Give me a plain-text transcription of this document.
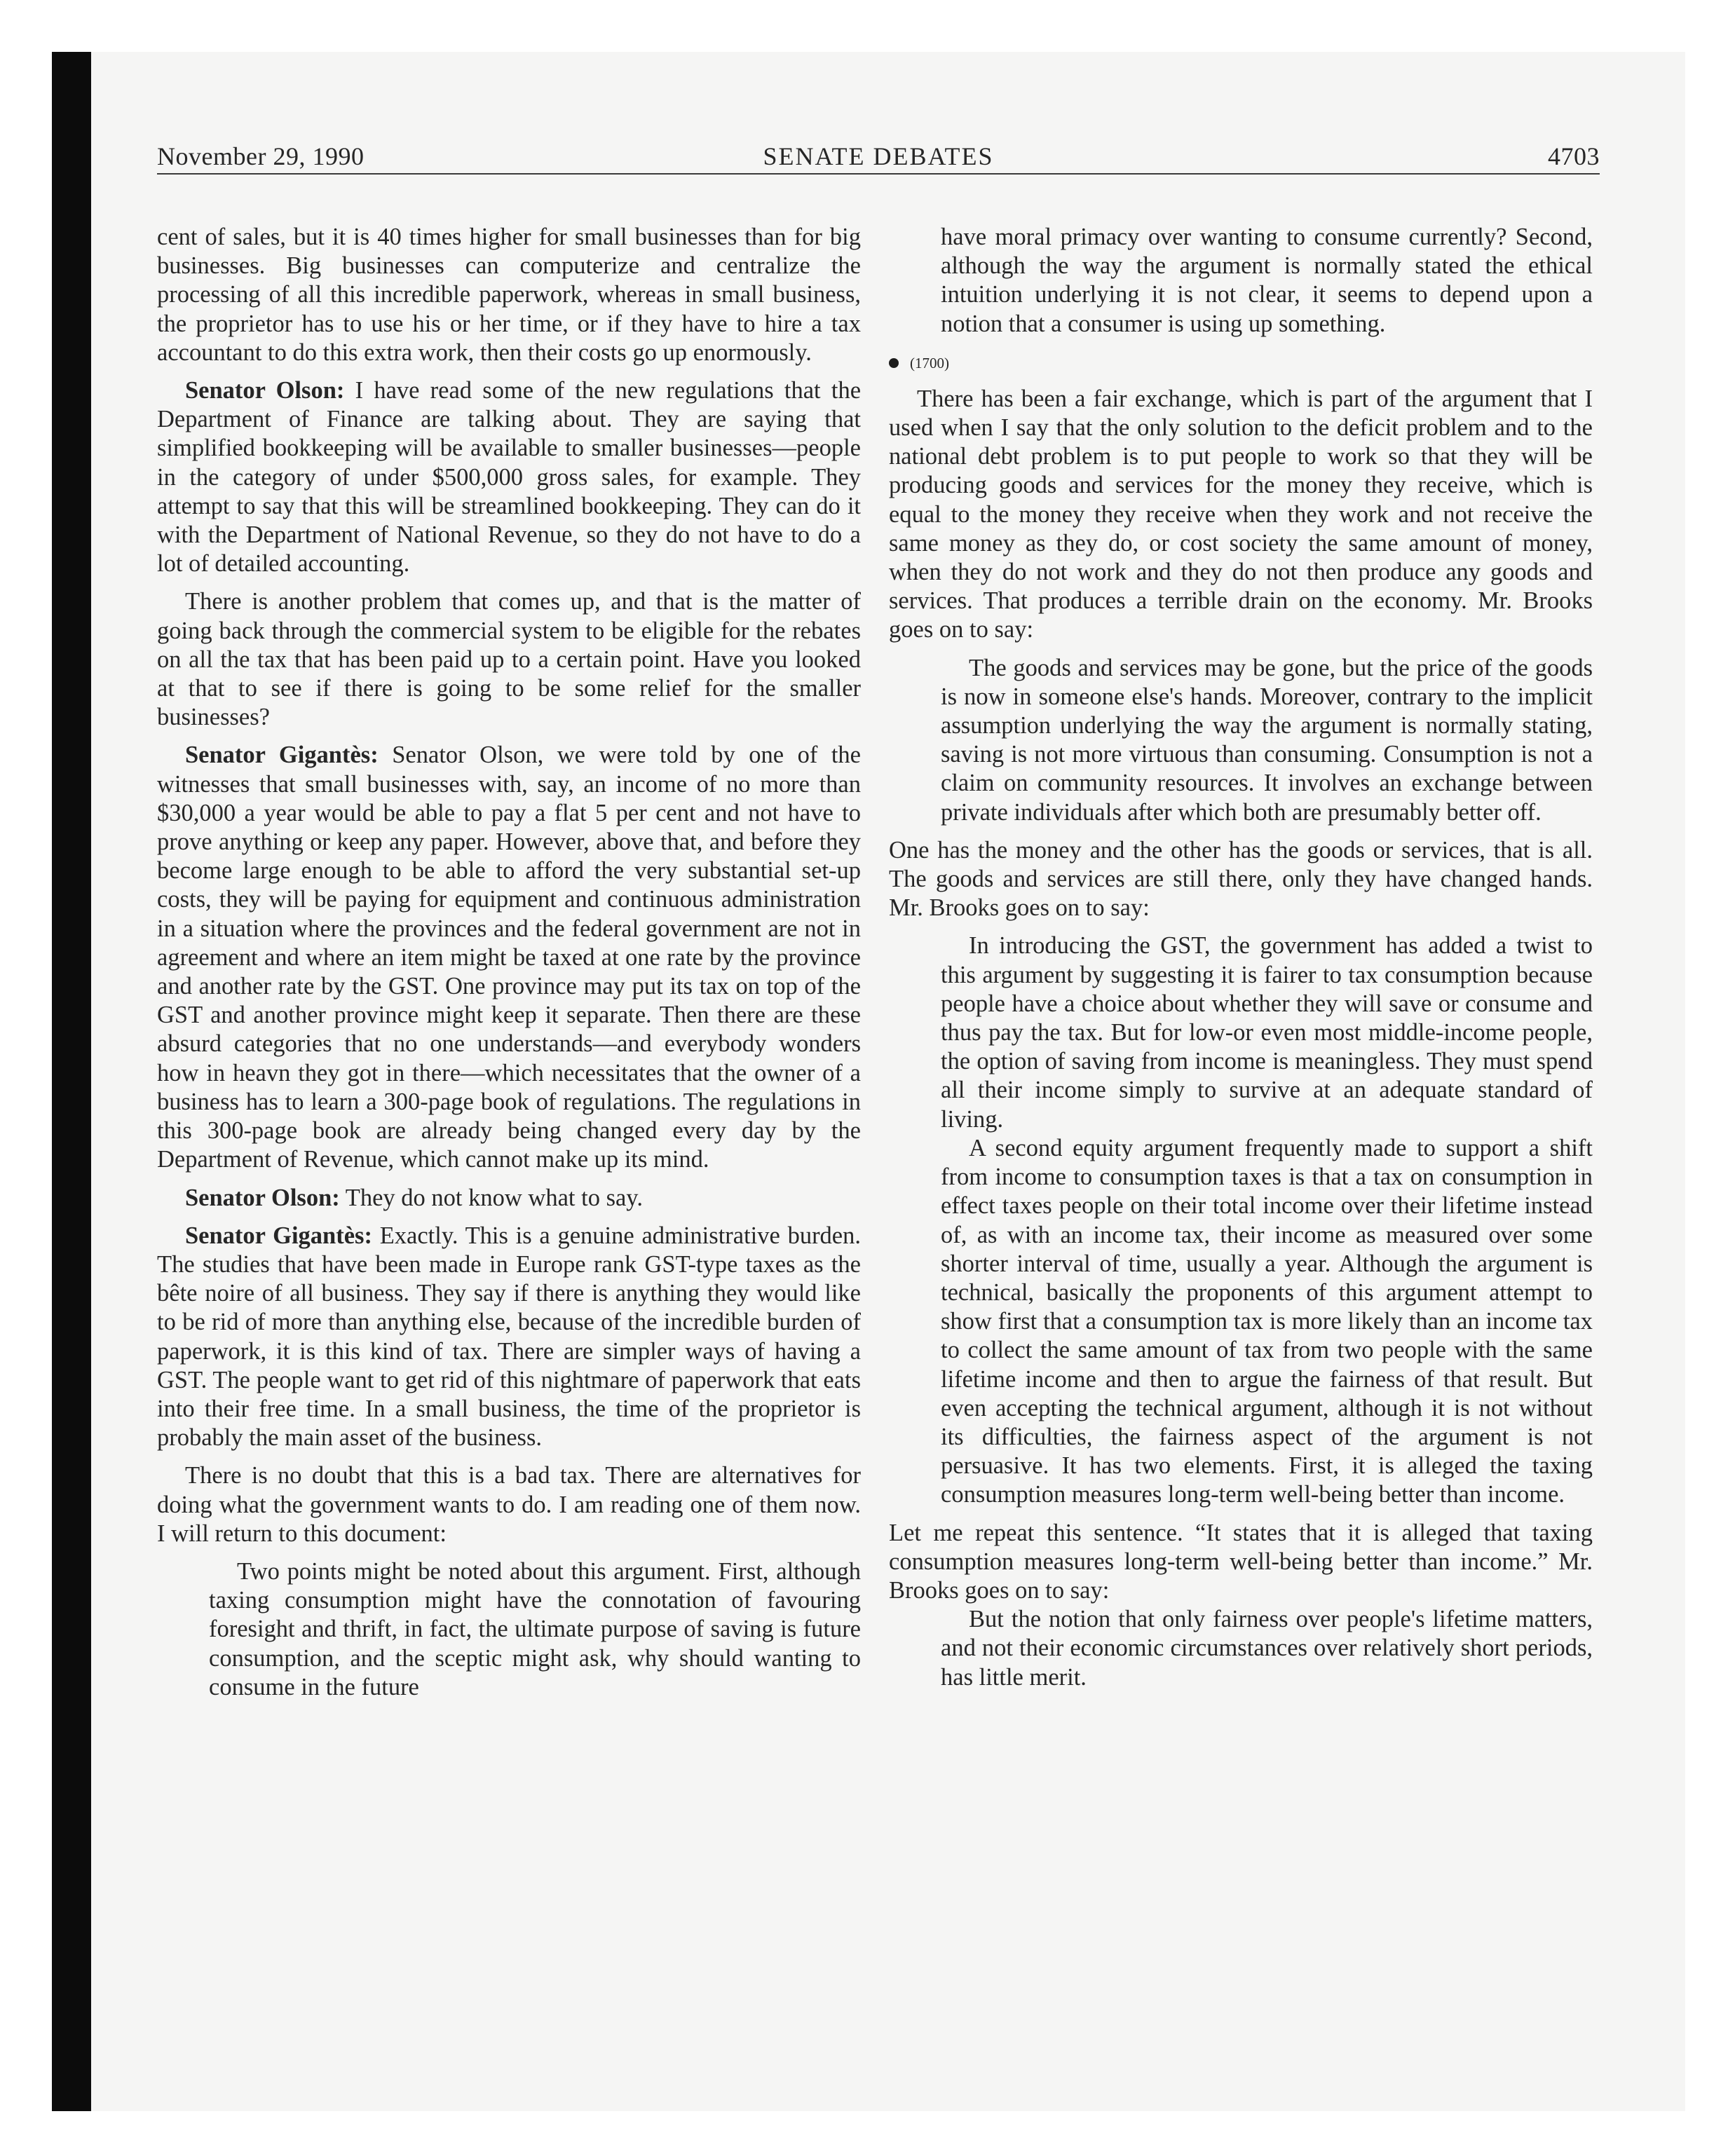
November 29, 1990	SENATE DEBATES	4703

cent of sales, but it is 40 times higher for small businesses than for big businesses. Big businesses can computerize and centralize the processing of all this incredible paperwork, whereas in small business, the proprietor has to use his or her time, or if they have to hire a tax accountant to do this extra work, then their costs go up enormously.

Senator Olson: I have read some of the new regulations that the Department of Finance are talking about. They are saying that simplified bookkeeping will be available to smaller businesses—people in the category of under $500,000 gross sales, for example. They attempt to say that this will be streamlined bookkeeping. They can do it with the Department of National Revenue, so they do not have to do a lot of detailed accounting.

There is another problem that comes up, and that is the matter of going back through the commercial system to be eligible for the rebates on all the tax that has been paid up to a certain point. Have you looked at that to see if there is going to be some relief for the smaller businesses?

Senator Gigantès: Senator Olson, we were told by one of the witnesses that small businesses with, say, an income of no more than $30,000 a year would be able to pay a flat 5 per cent and not have to prove anything or keep any paper. However, above that, and before they become large enough to be able to afford the very substantial set-up costs, they will be paying for equipment and continuous administration in a situation where the provinces and the federal government are not in agreement and where an item might be taxed at one rate by the province and another rate by the GST. One province may put its tax on top of the GST and another province might keep it separate. Then there are these absurd categories that no one understands—and everybody wonders how in heavn they got in there—which necessitates that the owner of a business has to learn a 300-page book of regulations. The regulations in this 300-page book are already being changed every day by the Department of Revenue, which cannot make up its mind.

Senator Olson: They do not know what to say.

Senator Gigantès: Exactly. This is a genuine administrative burden. The studies that have been made in Europe rank GST-type taxes as the bête noire of all business. They say if there is anything they would like to be rid of more than anything else, because of the incredible burden of paperwork, it is this kind of tax. There are simpler ways of having a GST. The people want to get rid of this nightmare of paperwork that eats into their free time. In a small business, the time of the proprietor is probably the main asset of the business.

There is no doubt that this is a bad tax. There are alternatives for doing what the government wants to do. I am reading one of them now. I will return to this document:

Two points might be noted about this argument. First, although taxing consumption might have the connotation of favouring foresight and thrift, in fact, the ultimate purpose of saving is future consumption, and the sceptic might ask, why should wanting to consume in the future

have moral primacy over wanting to consume currently? Second, although the way the argument is normally stated the ethical intuition underlying it is not clear, it seems to depend upon a notion that a consumer is using up something.

(1700)

There has been a fair exchange, which is part of the argument that I used when I say that the only solution to the deficit problem and to the national debt problem is to put people to work so that they will be producing goods and services for the money they receive, which is equal to the money they receive when they work and not receive the same money as they do, or cost society the same amount of money, when they do not work and they do not then produce any goods and services. That produces a terrible drain on the economy. Mr. Brooks goes on to say:

The goods and services may be gone, but the price of the goods is now in someone else's hands. Moreover, contrary to the implicit assumption underlying the way the argument is normally stating, saving is not more virtuous than consuming. Consumption is not a claim on community resources. It involves an exchange between private individuals after which both are presumably better off.

One has the money and the other has the goods or services, that is all. The goods and services are still there, only they have changed hands. Mr. Brooks goes on to say:

In introducing the GST, the government has added a twist to this argument by suggesting it is fairer to tax consumption because people have a choice about whether they will save or consume and thus pay the tax. But for low-or even most middle-income people, the option of saving from income is meaningless. They must spend all their income simply to survive at an adequate standard of living.

A second equity argument frequently made to support a shift from income to consumption taxes is that a tax on consumption in effect taxes people on their total income over their lifetime instead of, as with an income tax, their income as measured over some shorter interval of time, usually a year. Although the argument is technical, basically the proponents of this argument attempt to show first that a consumption tax is more likely than an income tax to collect the same amount of tax from two people with the same lifetime income and then to argue the fairness of that result. But even accepting the technical argument, although it is not without its difficulties, the fairness aspect of the argument is not persuasive. It has two elements. First, it is alleged the taxing consumption measures long-term well-being better than income.

Let me repeat this sentence. “It states that it is alleged that taxing consumption measures long-term well-being better than income.” Mr. Brooks goes on to say:

But the notion that only fairness over people's lifetime matters, and not their economic circumstances over relatively short periods, has little merit.
